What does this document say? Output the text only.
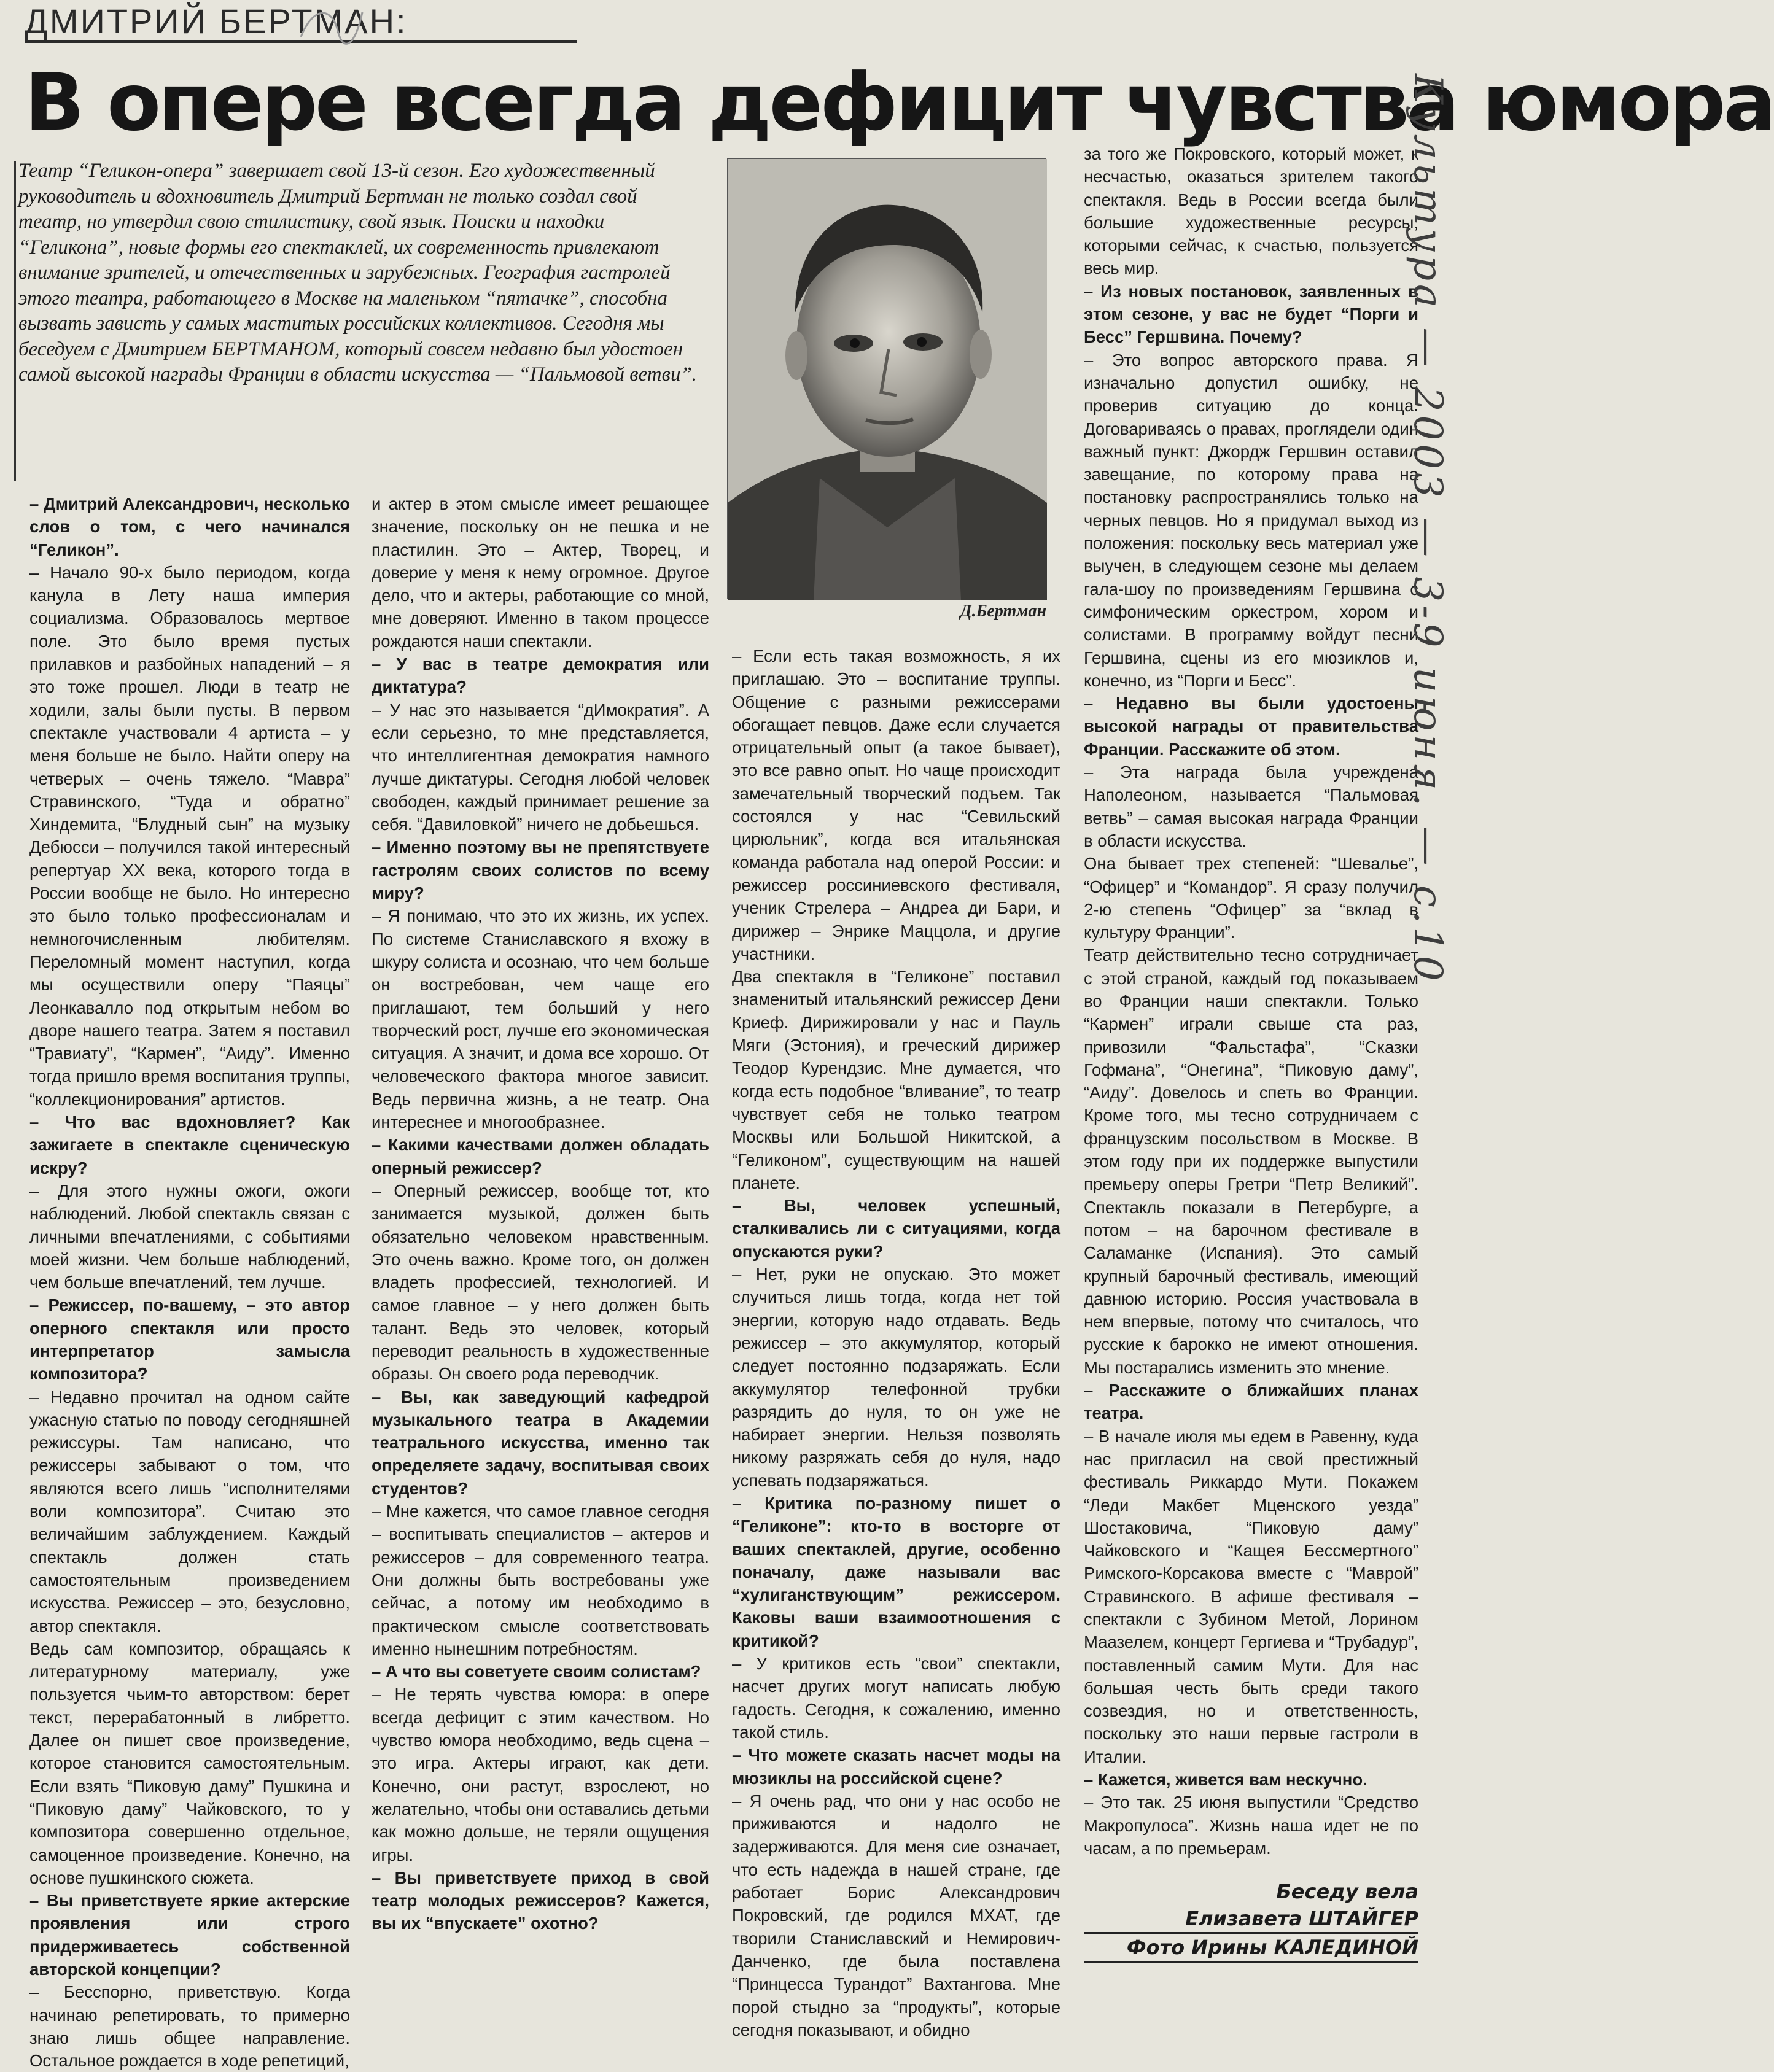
ДМИТРИЙ БЕРТМАН:
В опере всегда дефицит чувства юмора
Театр “Геликон-опера” завершает свой 13-й сезон. Его художественный руководитель и вдохновитель Дмитрий Бертман не только создал свой театр, но утвердил свою стилистику, свой язык. Поиски и находки “Геликона”, новые формы его спектаклей, их современность привлекают внимание зрителей, и отечественных и зарубежных. География гастролей этого театра, работающего в Москве на маленьком “пятачке”, способна вызвать зависть у самых маститых российских коллективов. Сегодня мы беседуем с Дмитрием БЕРТМАНОМ, который совсем недавно был удостоен самой высокой награды Франции в области искусства — “Пальмовой ветви”.
Д.Бертман

– Дмитрий Александрович, несколько слов о том, с чего начинался “Геликон”.

– Начало 90-х было периодом, когда канула в Лету наша империя социализма. Образовалось мертвое поле. Это было время пустых прилавков и разбойных нападений – я это тоже прошел. Люди в театр не ходили, залы были пусты. В первом спектакле участвовали 4 артиста – у меня больше не было. Найти оперу на четверых – очень тяжело. “Мавра” Стравинского, “Туда и обратно” Хиндемита, “Блудный сын” на музыку Дебюсси – получился такой интересный репертуар XX века, которого тогда в России вообще не было. Но интересно это было только профессионалам и немногочисленным любителям. Переломный момент наступил, когда мы осуществили оперу “Паяцы” Леонкавалло под открытым небом во дворе нашего театра. Затем я поставил “Травиату”, “Кармен”, “Аиду”. Именно тогда пришло время воспитания труппы, “коллекционирования” артистов.

– Что вас вдохновляет? Как зажигаете в спектакле сценическую искру?

– Для этого нужны ожоги, ожоги наблюдений. Любой спектакль связан с личными впечатлениями, с событиями моей жизни. Чем больше наблюдений, чем больше впечатлений, тем лучше.

– Режиссер, по-вашему, – это автор оперного спектакля или просто интерпретатор замысла композитора?

– Недавно прочитал на одном сайте ужасную статью по поводу сегодняшней режиссуры. Там написано, что режиссеры забывают о том, что являются всего лишь “исполнителями воли композитора”. Считаю это величайшим заблуждением. Каждый спектакль должен стать самостоятельным произведением искусства. Режиссер – это, безусловно, автор спектакля.

Ведь сам композитор, обращаясь к литературному материалу, уже пользуется чьим-то авторством: берет текст, перерабатонный в либретто. Далее он пишет свое произведение, которое становится самостоятельным. Если взять “Пиковую даму” Пушкина и “Пиковую даму” Чайковского, то у композитора совершенно отдельное, самоценное произведение. Конечно, на основе пушкинского сюжета.

– Вы приветствуете яркие актерские проявления или строго придерживаетесь собственной авторской концепции?

– Бесспорно, приветствую. Когда начинаю репетировать, то примерно знаю лишь общее направление. Остальное рождается в ходе репетиций,

и актер в этом смысле имеет решающее значение, поскольку он не пешка и не пластилин. Это – Актер, Творец, и доверие у меня к нему огромное. Другое дело, что и актеры, работающие со мной, мне доверяют. Именно в таком процессе рождаются наши спектакли.

– У вас в театре демократия или диктатура?

– У нас это называется “дИмократия”. А если серьезно, то мне представляется, что интеллигентная демократия намного лучше диктатуры. Сегодня любой человек свободен, каждый принимает решение за себя. “Давиловкой” ничего не добьешься.

– Именно поэтому вы не препятствуете гастролям своих солистов по всему миру?

– Я понимаю, что это их жизнь, их успех. По системе Станиславского я вхожу в шкуру солиста и осознаю, что чем больше он востребован, чем чаще его приглашают, тем больший у него творческий рост, лучше его экономическая ситуация. А значит, и дома все хорошо. От человеческого фактора многое зависит. Ведь первична жизнь, а не театр. Она интереснее и многообразнее.

– Какими качествами должен обладать оперный режиссер?

– Оперный режиссер, вообще тот, кто занимается музыкой, должен быть обязательно человеком нравственным. Это очень важно. Кроме того, он должен владеть профессией, технологией. И самое главное – у него должен быть талант. Ведь это человек, который переводит реальность в художественные образы. Он своего рода переводчик.

– Вы, как заведующий кафедрой музыкального театра в Академии театрального искусства, именно так определяете задачу, воспитывая своих студентов?

– Мне кажется, что самое главное сегодня – воспитывать специалистов – актеров и режиссеров – для современного театра. Они должны быть востребованы уже сейчас, а потому им необходимо в практическом смысле соответствовать именно нынешним потребностям.

– А что вы советуете своим солистам?

– Не терять чувства юмора: в опере всегда дефицит с этим качеством. Но чувство юмора необходимо, ведь сцена – это игра. Актеры играют, как дети. Конечно, они растут, взрослеют, но желательно, чтобы они оставались детьми как можно дольше, не теряли ощущения игры.

– Вы приветствуете приход в свой театр молодых режиссеров? Кажется, вы их “впускаете” охотно?

– Если есть такая возможность, я их приглашаю. Это – воспитание труппы. Общение с разными режиссерами обогащает певцов. Даже если случается отрицательный опыт (а такое бывает), это все равно опыт. Но чаще происходит замечательный творческий подъем. Так состоялся у нас “Севильский цирюльник”, когда вся итальянская команда работала над оперой России: и режиссер россиниевского фестиваля, ученик Стрелера – Андреа ди Бари, и дирижер – Энрике Маццола, и другие участники.

Два спектакля в “Геликоне” поставил знаменитый итальянский режиссер Дени Криеф. Дирижировали у нас и Пауль Мяги (Эстония), и греческий дирижер Теодор Курендзис. Мне думается, что когда есть подобное “вливание”, то театр чувствует себя не только театром Москвы или Большой Никитской, а “Геликоном”, существующим на нашей планете.

– Вы, человек успешный, сталкивались ли с ситуациями, когда опускаются руки?

– Нет, руки не опускаю. Это может случиться лишь тогда, когда нет той энергии, которую надо отдавать. Ведь режиссер – это аккумулятор, который следует постоянно подзаряжать. Если аккумулятор телефонной трубки разрядить до нуля, то он уже не набирает энергии. Нельзя позволять никому разряжать себя до нуля, надо успевать подзаряжаться.

– Критика по-разному пишет о “Геликоне”: кто-то в восторге от ваших спектаклей, другие, особенно поначалу, даже называли вас “хулиганствующим” режиссером. Каковы ваши взаимоотношения с критикой?

– У критиков есть “свои” спектакли, насчет других могут написать любую гадость. Сегодня, к сожалению, именно такой стиль.

– Что можете сказать насчет моды на мюзиклы на российской сцене?

– Я очень рад, что они у нас особо не приживаются и надолго не задерживаются. Для меня сие означает, что есть надежда в нашей стране, где работает Борис Александрович Покровский, где родился МХАТ, где творили Станиславский и Немирович-Данченко, где была поставлена “Принцесса Турандот” Вахтангова. Мне порой стыдно за “продукты”, которые сегодня показывают, и обидно

за того же Покровского, который может, к несчастью, оказаться зрителем такого спектакля. Ведь в России всегда были большие художественные ресурсы, которыми сейчас, к счастью, пользуется весь мир.

– Из новых постановок, заявленных в этом сезоне, у вас не будет “Порги и Бесс” Гершвина. Почему?

– Это вопрос авторского права. Я изначально допустил ошибку, не проверив ситуацию до конца. Договариваясь о правах, проглядели один важный пункт: Джордж Гершвин оставил завещание, по которому права на постановку распространялись только на черных певцов. Но я придумал выход из положения: поскольку весь материал уже выучен, в следующем сезоне мы делаем гала-шоу по произведениям Гершвина с симфоническим оркестром, хором и солистами. В программу войдут песни Гершвина, сцены из его мюзиклов и, конечно, из “Порги и Бесс”.

– Недавно вы были удостоены высокой награды от правительства Франции. Расскажите об этом.

– Эта награда была учреждена Наполеоном, называется “Пальмовая ветвь” – самая высокая награда Франции в области искусства.

Она бывает трех степеней: “Шевалье”, “Офицер” и “Командор”. Я сразу получил 2-ю степень “Офицер” за “вклад в культуру Франции”.

Театр действительно тесно сотрудничает с этой страной, каждый год показываем во Франции наши спектакли. Только “Кармен” играли свыше ста раз, привозили “Фальстафа”, “Сказки Гофмана”, “Онегина”, “Пиковую даму”, “Аиду”. Довелось и спеть во Франции. Кроме того, мы тесно сотрудничаем с французским посольством в Москве. В этом году при их поддержке выпустили премьеру оперы Гретри “Петр Великий”. Спектакль показали в Петербурге, а потом – на барочном фестивале в Саламанке (Испания). Это самый крупный барочный фестиваль, имеющий давнюю историю. Россия участвовала в нем впервые, потому что считалось, что русские к барокко не имеют отношения. Мы постарались изменить это мнение.

– Расскажите о ближайших планах театра.

– В начале июля мы едем в Равенну, куда нас пригласил на свой престижный фестиваль Риккардо Мути. Покажем “Леди Макбет Мценского уезда” Шостаковича, “Пиковую даму” Чайковского и “Кащея Бессмертного” Римского-Корсакова вместе с “Маврой” Стравинского. В афише фестиваля – спектакли с Зубином Метой, Лорином Маазелем, концерт Гергиева и “Трубадур”, поставленный самим Мути. Для нас большая честь быть среди такого созвездия, но и ответственность, поскольку это наши первые гастроли в Италии.

– Кажется, живется вам нескучно.

– Это так. 25 июня выпустили “Средство Макропулоса”. Жизнь наша идет не по часам, а по премьерам.

Беседу вела
Елизавета ШТАЙГЕР
Фото Ирины КАЛЕДИНОЙ
Культура — 2003 — 3-9 июня. — с.10
